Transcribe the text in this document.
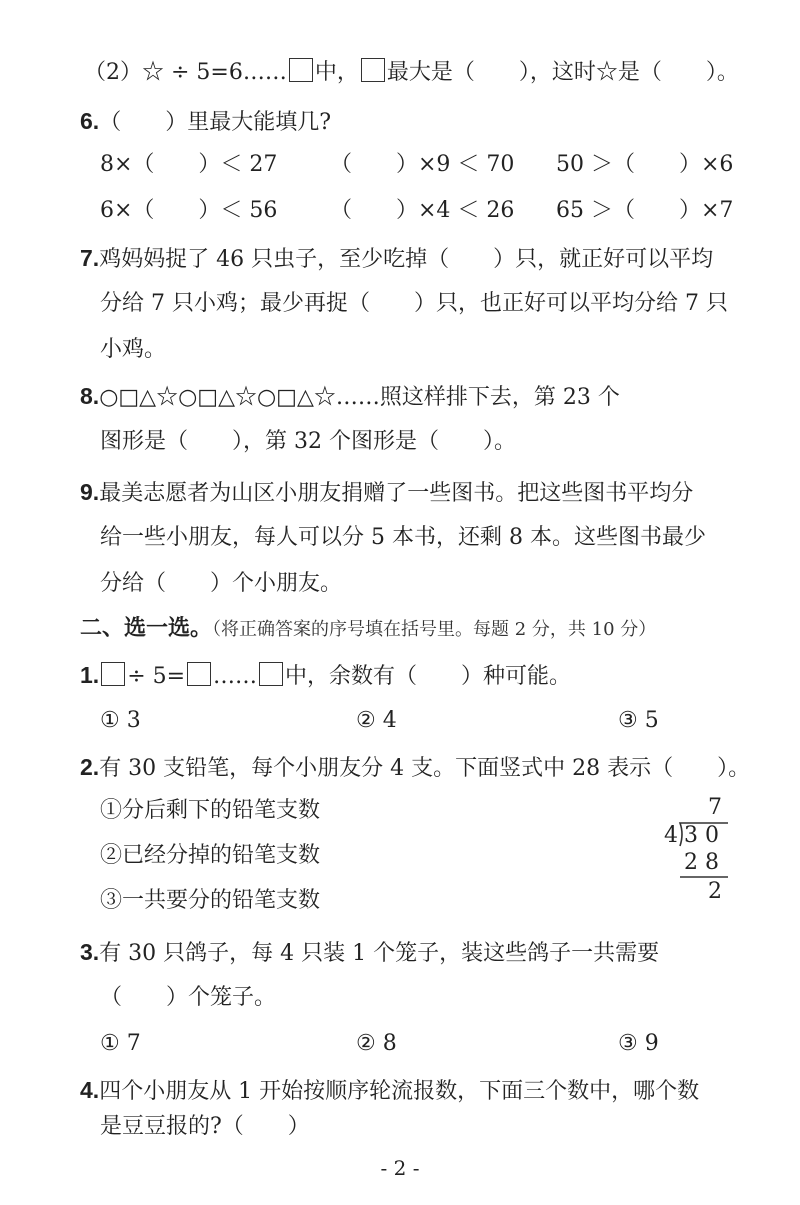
（2）☆ ÷ 5=6…… 中， 最大是（　　），这时☆是（　　）。
6.（　　）里最大能填几?
8×（　　）＜ 27 （　　）×9 ＜ 70 50 ＞（　　）×6
6×（　　）＜ 56 （　　）×4 ＜ 26 65 ＞（　　）×7
7.鸡妈妈捉了 46 只虫子，至少吃掉（　　）只，就正好可以平均
分给 7 只小鸡；最少再捉（　　）只，也正好可以平均分给 7 只
小鸡。
8.○□△☆○□△☆○□△☆……照这样排下去，第 23 个
图形是（　　），第 32 个图形是（　　）。
9.最美志愿者为山区小朋友捐赠了一些图书。把这些图书平均分
给一些小朋友，每人可以分 5 本书，还剩 8 本。这些图书最少
分给（　　）个小朋友。
二、选一选。（将正确答案的序号填在括号里。每题 2 分，共 10 分）
1. ÷ 5= …… 中，余数有（　　）种可能。
① 3	② 4	③ 5
2.有 30 支铅笔，每个小朋友分 4 支。下面竖式中 28 表示（　　）。
①分后剩下的铅笔支数
②已经分掉的铅笔支数
③一共要分的铅笔支数
7
4 3 0
2 8
2
3.有 30 只鸽子，每 4 只装 1 个笼子，装这些鸽子一共需要
（　　）个笼子。
① 7	② 8	③ 9
4.四个小朋友从 1 开始按顺序轮流报数，下面三个数中，哪个数
是豆豆报的?（　　）
- 2 -
